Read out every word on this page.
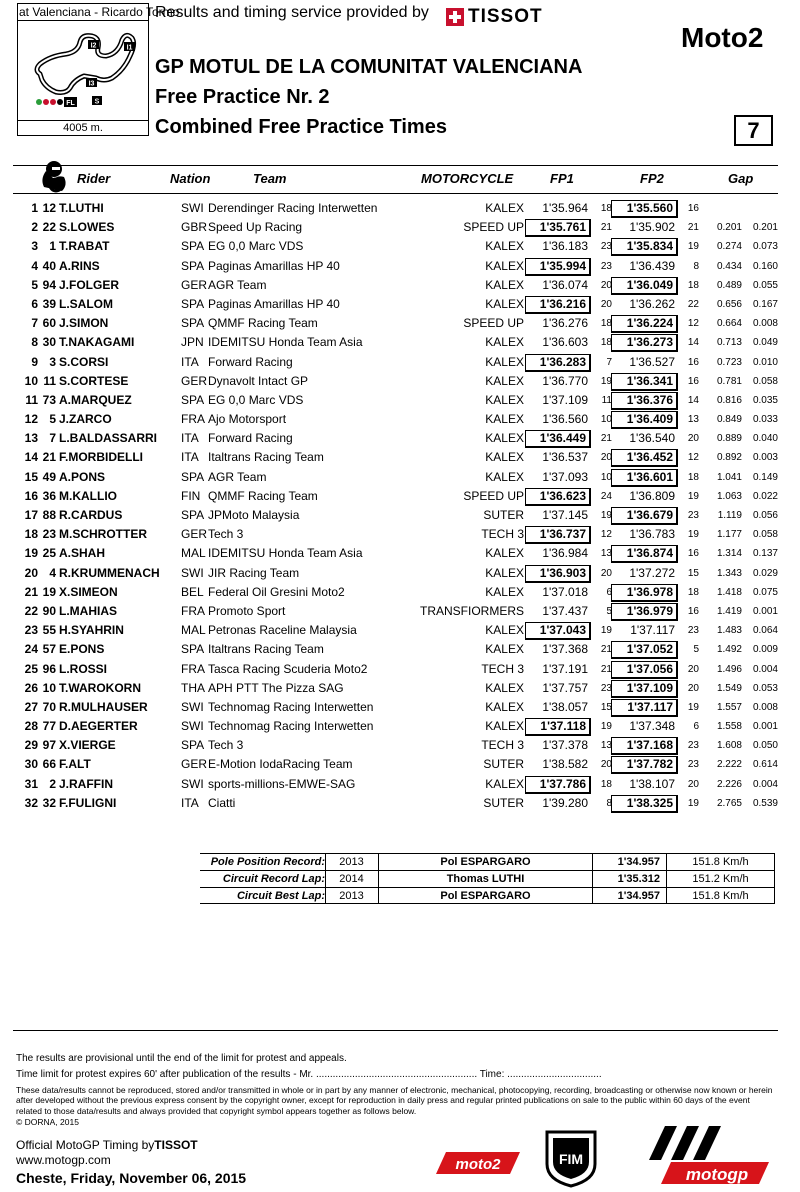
at Valenciana - Ricardo Tormo
I2	I1
I3
S
FL
4005 m.
Results and timing service provided by TISSOT
Moto2
GP MOTUL DE LA COMUNITAT VALENCIANA
Free Practice Nr. 2
Combined Free Practice Times	7
Rider	Nation	Team	MOTORCYCLE	FP1	FP2	Gap
1 12 T.LUTHI	SWI Derendinger Racing Interwetten	KALEX	1'35.964	18	1'35.560	16
2 22 S.LOWES	GBR Speed Up Racing	SPEED UP	1'35.761	21	1'35.902	21	0.201	0.201
3 1 T.RABAT	SPA EG 0,0 Marc VDS	KALEX	1'36.183	23	1'35.834	19	0.274	0.073
4 40 A.RINS	SPA Paginas Amarillas HP 40	KALEX	1'35.994	23	1'36.439	8	0.434	0.160
5 94 J.FOLGER	GER AGR Team	KALEX	1'36.074	20	1'36.049	18	0.489	0.055
6 39 L.SALOM	SPA Paginas Amarillas HP 40	KALEX	1'36.216	20	1'36.262	22	0.656	0.167
7 60 J.SIMON	SPA QMMF Racing Team	SPEED UP	1'36.276	18	1'36.224	12	0.664	0.008
8 30 T.NAKAGAMI	JPN IDEMITSU Honda Team Asia	KALEX	1'36.603	18	1'36.273	14	0.713	0.049
9 3 S.CORSI	ITA Forward Racing	KALEX	1'36.283	7	1'36.527	16	0.723	0.010
10 11 S.CORTESE	GER Dynavolt Intact GP	KALEX	1'36.770	19	1'36.341	16	0.781	0.058
11 73 A.MARQUEZ	SPA EG 0,0 Marc VDS	KALEX	1'37.109	11	1'36.376	14	0.816	0.035
12 5 J.ZARCO	FRA Ajo Motorsport	KALEX	1'36.560	10	1'36.409	13	0.849	0.033
13 7 L.BALDASSARRI ITA Forward Racing	KALEX	1'36.449	21	1'36.540	20	0.889	0.040
14 21 F.MORBIDELLI	ITA Italtrans Racing Team	KALEX	1'36.537	20	1'36.452	12	0.892	0.003
15 49 A.PONS	SPA AGR Team	KALEX	1'37.093	10	1'36.601	18	1.041	0.149
16 36 M.KALLIO	FIN QMMF Racing Team	SPEED UP	1'36.623	24	1'36.809	19	1.063	0.022
17 88 R.CARDUS	SPA JPMoto Malaysia	SUTER	1'37.145	19	1'36.679	23	1.119	0.056
18 23 M.SCHROTTER	GER Tech 3	TECH 3	1'36.737	12	1'36.783	19	1.177	0.058
19 25 A.SHAH	MAL IDEMITSU Honda Team Asia	KALEX	1'36.984	13	1'36.874	16	1.314	0.137
20 4 R.KRUMMENACH SWI JIR Racing Team	KALEX	1'36.903	20	1'37.272	15	1.343	0.029
21 19 X.SIMEON	BEL Federal Oil Gresini Moto2	KALEX	1'37.018	6	1'36.978	18	1.418	0.075
22 90 L.MAHIAS	FRA Promoto Sport	TRANSFIORMERS	1'37.437	5	1'36.979	16	1.419	0.001
23 55 H.SYAHRIN	MAL Petronas Raceline Malaysia	KALEX	1'37.043	19	1'37.117	23	1.483	0.064
24 57 E.PONS	SPA Italtrans Racing Team	KALEX	1'37.368	21	1'37.052	5	1.492	0.009
25 96 L.ROSSI	FRA Tasca Racing Scuderia Moto2	TECH 3	1'37.191	21	1'37.056	20	1.496	0.004
26 10 T.WAROKORN	THA APH PTT The Pizza SAG	KALEX	1'37.757	23	1'37.109	20	1.549	0.053
27 70 R.MULHAUSER	SWI Technomag Racing Interwetten	KALEX	1'38.057	15	1'37.117	19	1.557	0.008
28 77 D.AEGERTER	SWI Technomag Racing Interwetten	KALEX	1'37.118	19	1'37.348	6	1.558	0.001
29 97 X.VIERGE	SPA Tech 3	TECH 3	1'37.378	13	1'37.168	23	1.608	0.050
30 66 F.ALT	GER E-Motion IodaRacing Team	SUTER	1'38.582	20	1'37.782	23	2.222	0.614
31 2 J.RAFFIN	SWI sports-millions-EMWE-SAG	KALEX	1'37.786	18	1'38.107	20	2.226	0.004
32 32 F.FULIGNI	ITA Ciatti	SUTER	1'39.280	8	1'38.325	19	2.765	0.539
Pole Position Record:	2013	Pol ESPARGARO	1'34.957	151.8 Km/h
Circuit Record Lap:	2014	Thomas LUTHI	1'35.312	151.2 Km/h
Circuit Best Lap:	2013	Pol ESPARGARO	1'34.957	151.8 Km/h
The results are provisional until the end of the limit for protest and appeals.
Time limit for protest expires 60' after publication of the results - Mr. .......................................................... Time: ..................................
These data/results cannot be reproduced, stored and/or transmitted in whole or in part by any manner of electronic, mechanical, photocopying, recording, broadcasting or otherwise now known or herein after developed without the previous express consent by the copyright owner, except for reproduction in daily press and regular printed publications on sale to the public within 60 days of the event related to those data/results and always provided that copyright symbol appears together as follows below.
© DORNA, 2015
Official MotoGP Timing byTISSOT
www.motogp.com
Cheste, Friday, November 06, 2015
moto2	FIM
motogp
